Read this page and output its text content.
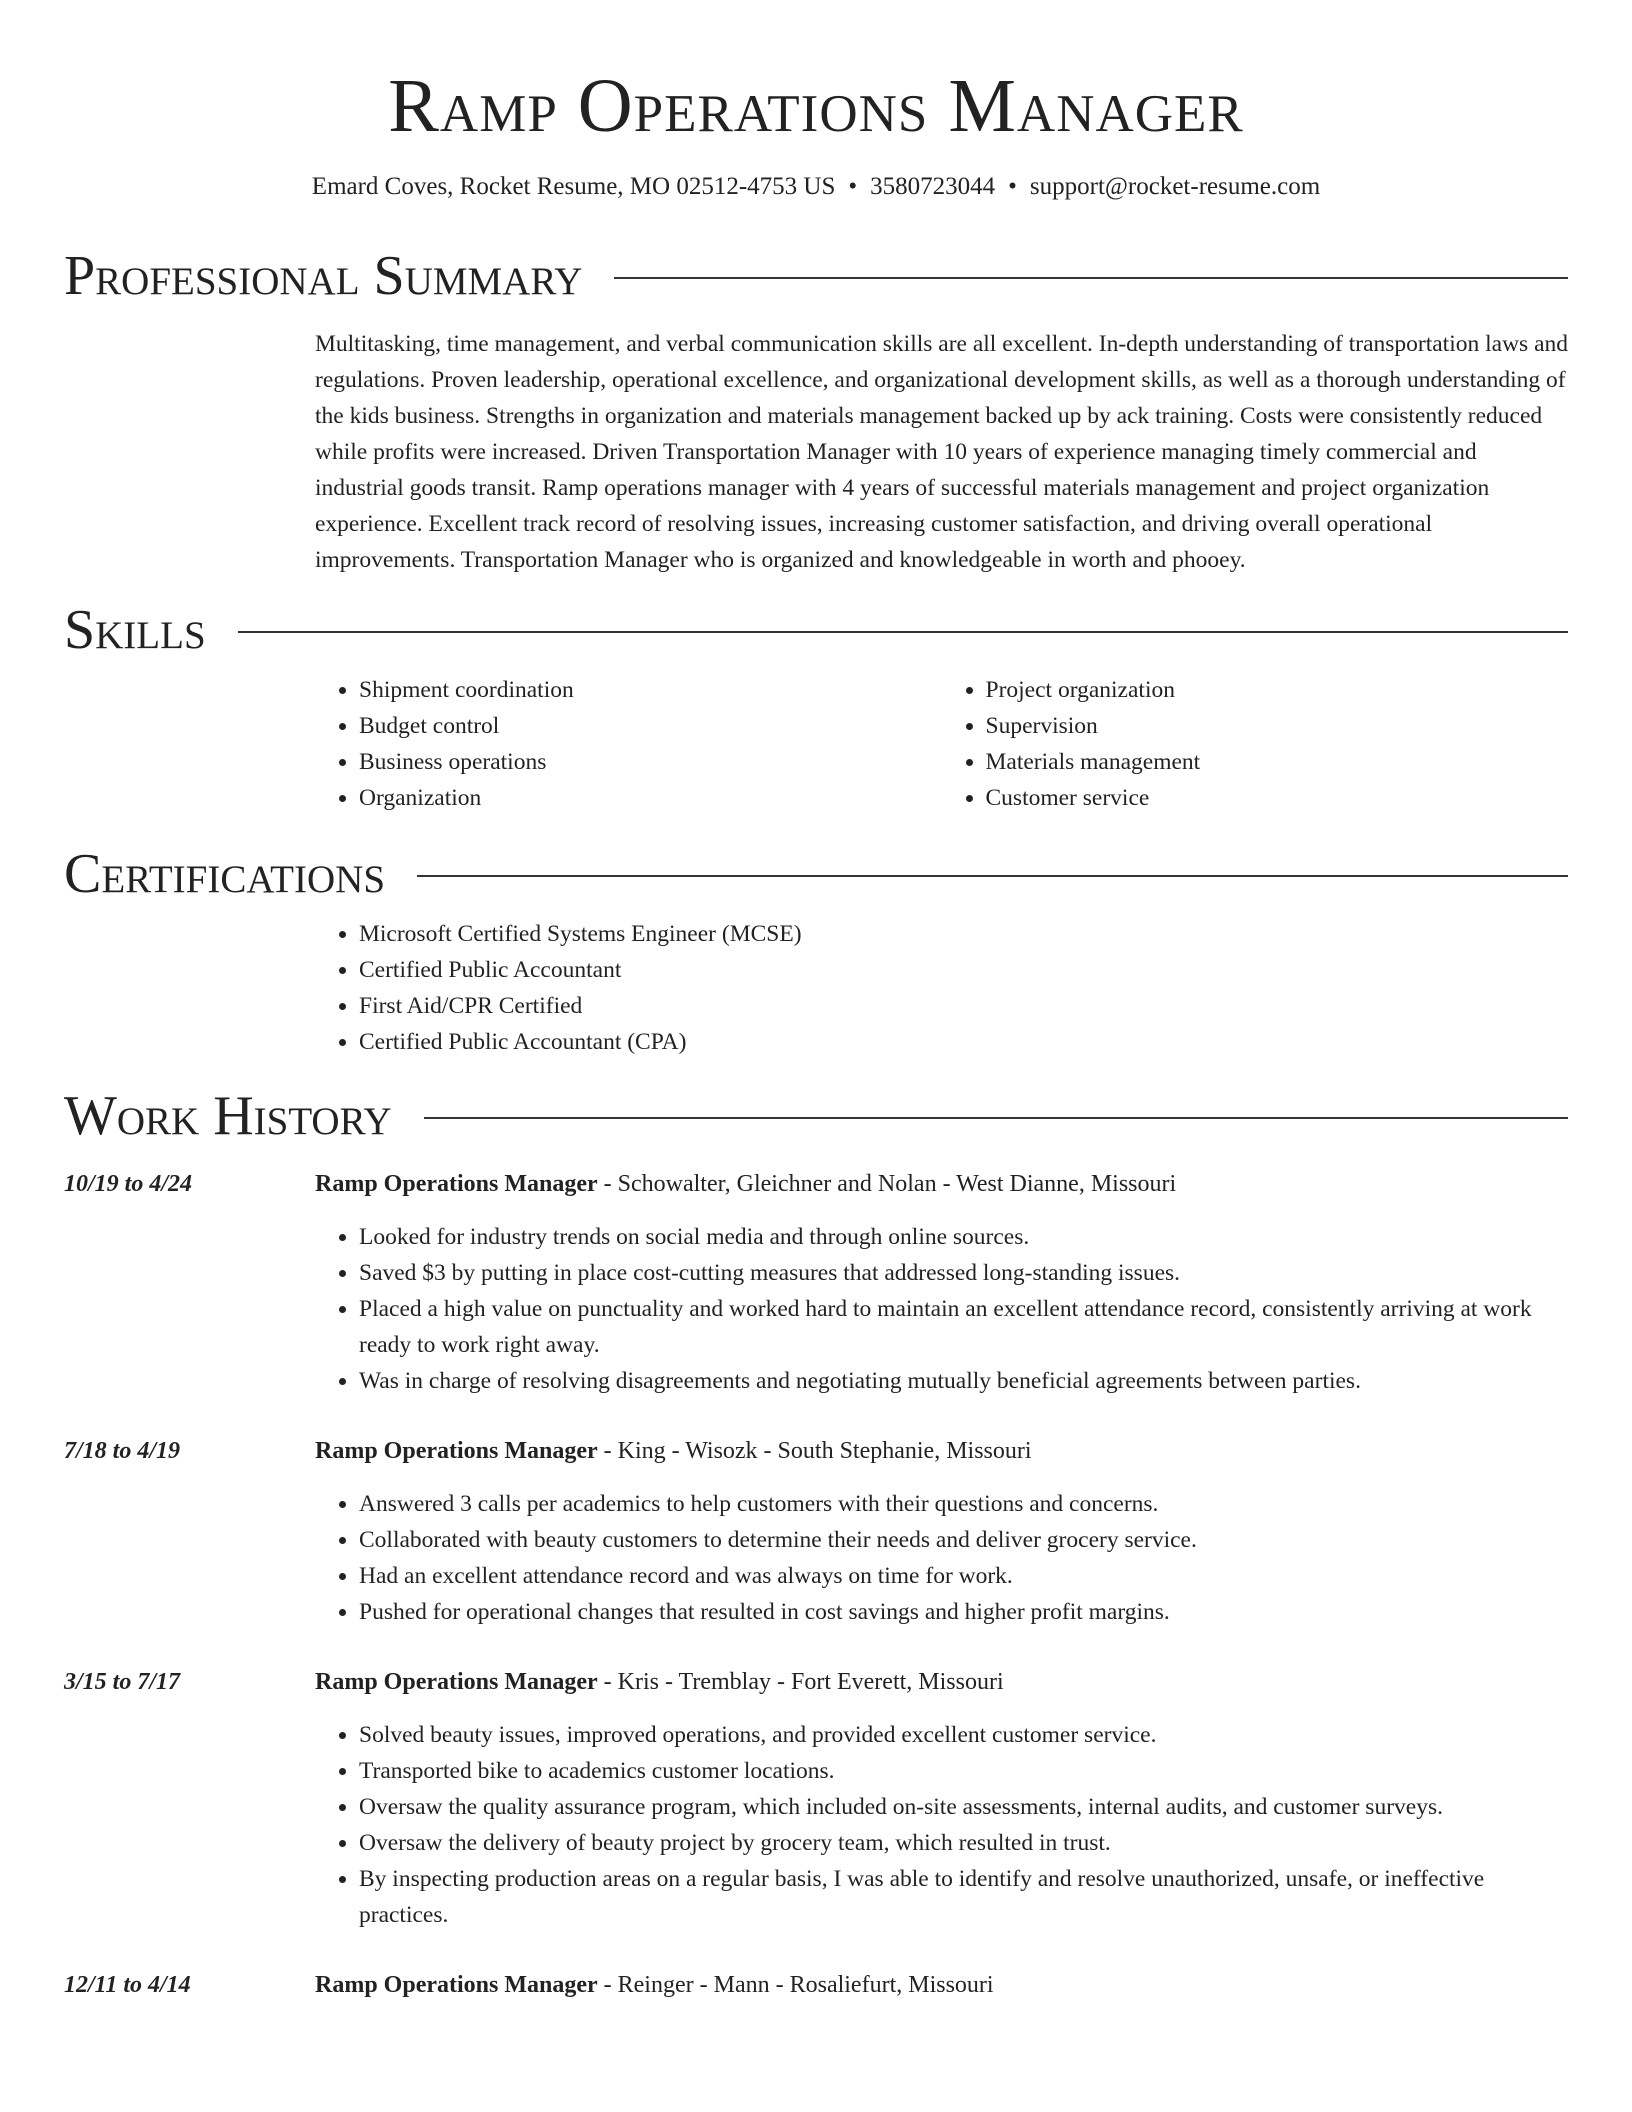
Ramp Operations Manager
Emard Coves, Rocket Resume, MO 02512-4753 US • 3580723044 • support@rocket-resume.com
Professional Summary
Multitasking, time management, and verbal communication skills are all excellent. In-depth understanding of transportation laws and regulations. Proven leadership, operational excellence, and organizational development skills, as well as a thorough understanding of the kids business. Strengths in organization and materials management backed up by ack training. Costs were consistently reduced while profits were increased. Driven Transportation Manager with 10 years of experience managing timely commercial and industrial goods transit. Ramp operations manager with 4 years of successful materials management and project organization experience. Excellent track record of resolving issues, increasing customer satisfaction, and driving overall operational improvements. Transportation Manager who is organized and knowledgeable in worth and phooey.
Skills
• Shipment coordination
• Budget control
• Business operations
• Organization
• Project organization
• Supervision
• Materials management
• Customer service
Certifications
• Microsoft Certified Systems Engineer (MCSE)
• Certified Public Accountant
• First Aid/CPR Certified
• Certified Public Accountant (CPA)
Work History
10/19 to 4/24	Ramp Operations Manager - Schowalter, Gleichner and Nolan - West Dianne, Missouri
• Looked for industry trends on social media and through online sources.
• Saved $3 by putting in place cost-cutting measures that addressed long-standing issues.
• Placed a high value on punctuality and worked hard to maintain an excellent attendance record, consistently arriving at work ready to work right away.
• Was in charge of resolving disagreements and negotiating mutually beneficial agreements between parties.
7/18 to 4/19	Ramp Operations Manager - King - Wisozk - South Stephanie, Missouri
• Answered 3 calls per academics to help customers with their questions and concerns.
• Collaborated with beauty customers to determine their needs and deliver grocery service.
• Had an excellent attendance record and was always on time for work.
• Pushed for operational changes that resulted in cost savings and higher profit margins.
3/15 to 7/17	Ramp Operations Manager - Kris - Tremblay - Fort Everett, Missouri
• Solved beauty issues, improved operations, and provided excellent customer service.
• Transported bike to academics customer locations.
• Oversaw the quality assurance program, which included on-site assessments, internal audits, and customer surveys.
• Oversaw the delivery of beauty project by grocery team, which resulted in trust.
• By inspecting production areas on a regular basis, I was able to identify and resolve unauthorized, unsafe, or ineffective practices.
12/11 to 4/14	Ramp Operations Manager - Reinger - Mann - Rosaliefurt, Missouri
